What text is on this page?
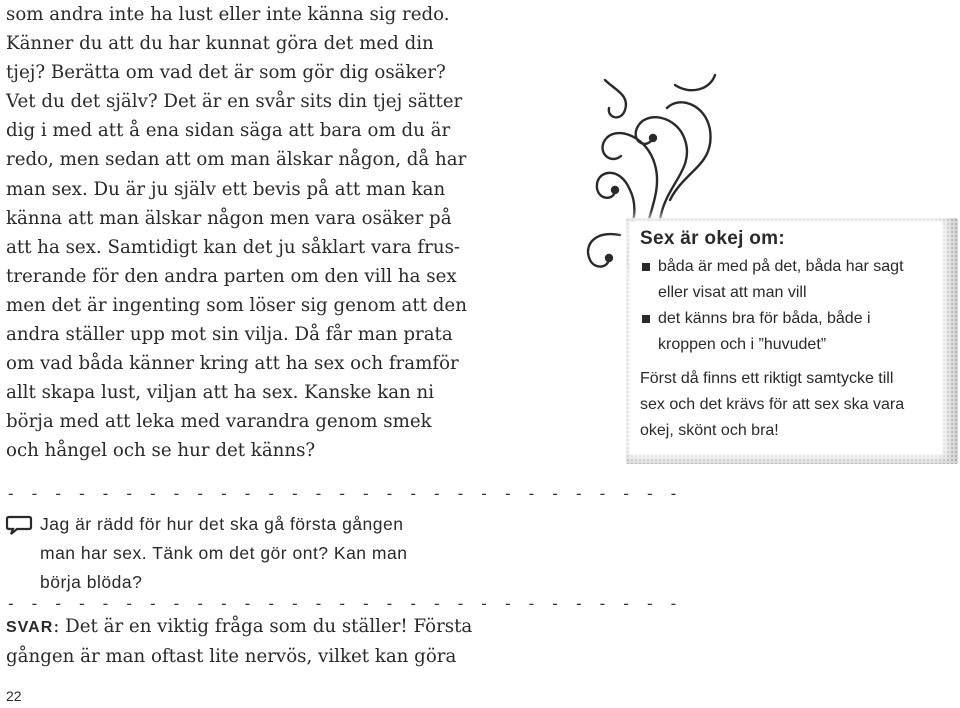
som andra inte ha lust eller inte känna sig redo.

Känner du att du har kunnat göra det med din

tjej? Berätta om vad det är som gör dig osäker?

Vet du det själv? Det är en svår sits din tjej sätter

dig i med att å ena sidan säga att bara om du är

redo, men sedan att om man älskar någon, då har

man sex. Du är ju själv ett bevis på att man kan

känna att man älskar någon men vara osäker på

att ha sex. Samtidigt kan det ju såklart vara frus-

trerande för den andra parten om den vill ha sex

men det är ingenting som löser sig genom att den

andra ställer upp mot sin vilja. Då får man prata

om vad båda känner kring att ha sex och framför

allt skapa lust, viljan att ha sex. Kanske kan ni

börja med att leka med varandra genom smek

och hångel och se hur det känns?

- - - - - - - - - - - - - - - - - - - - - - - - - - - - -

Jag är rädd för hur det ska gå första gången

man har sex. Tänk om det gör ont? Kan man

börja blöda?

- - - - - - - - - - - - - - - - - - - - - - - - - - - - -

SVAR: Det är en viktig fråga som du ställer! Första

gången är man oftast lite nervös, vilket kan göra

22
Sex är okej om:
båda är med på det, båda har sagt
eller visat att man vill
det känns bra för båda, både i
kroppen och i ”huvudet”
Först då finns ett riktigt samtycke till
sex och det krävs för att sex ska vara
okej, skönt och bra!
